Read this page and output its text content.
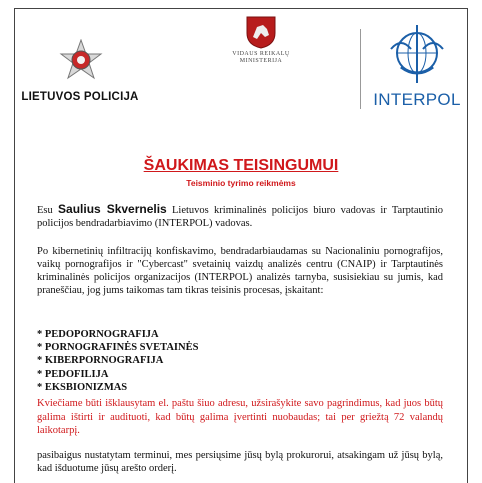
LIETUVOS POLICIJA
VIDAUS REIKALŲ
MINISTERIJA
INTERPOL
ŠAUKIMAS TEISINGUMUI
Teisminio tyrimo reikmėms
Esu Saulius Skvernelis Lietuvos kriminalinės policijos biuro vadovas ir Tarptautinio policijos bendradarbiavimo (INTERPOL) vadovas.
Po kibernetinių infiltracijų konfiskavimo, bendradarbiaudamas su Nacionaliniu pornografijos, vaikų pornografijos ir "Cybercast" svetainių vaizdų analizės centru (CNAIP) ir Tarptautinės kriminalinės policijos organizacijos (INTERPOL) analizės tarnyba, susisiekiau su jumis, kad praneščiau, jog jums taikomas tam tikras teisinis procesas, įskaitant:
* PEDOPORNOGRAFIJA
* PORNOGRAFINĖS SVETAINĖS
* KIBERPORNOGRAFIJA
* PEDOFILIJA
* EKSBIONIZMAS
Kviečiame būti išklausytam el. paštu šiuo adresu, užsirašykite savo pagrindimus, kad juos būtų galima ištirti ir audituoti, kad būtų galima įvertinti nuobaudas; tai per griežtą 72 valandų laikotarpį.
pasibaigus nustatytam terminui, mes persiųsime jūsų bylą prokurorui, atsakingam už jūsų bylą, kad išduotume jūsų arešto orderį.
